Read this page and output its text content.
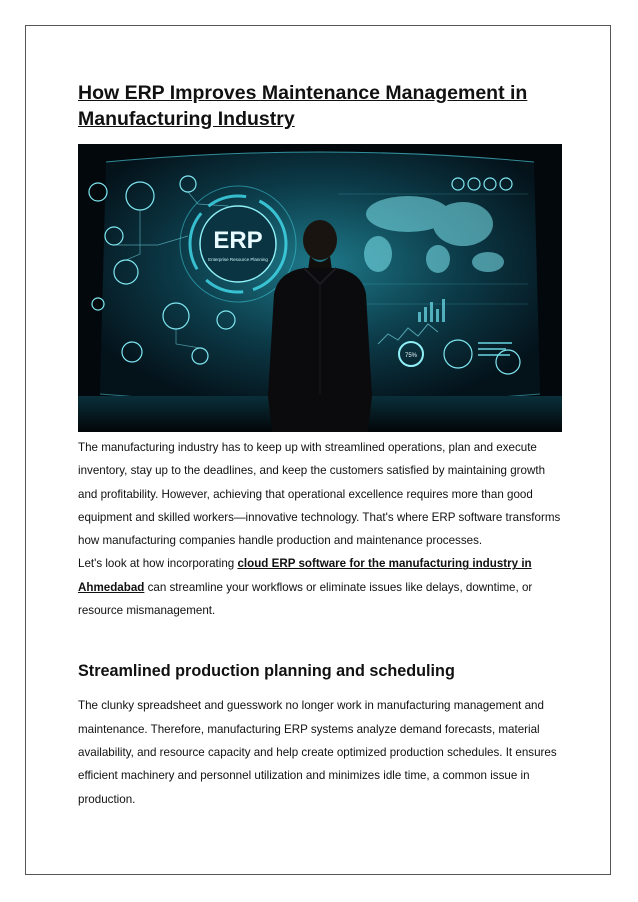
How ERP Improves Maintenance Management in Manufacturing Industry
ERP
Enterprise Resource Planning
75%

The manufacturing industry has to keep up with streamlined operations, plan and execute inventory, stay up to the deadlines, and keep the customers satisfied by maintaining growth and profitability. However, achieving that operational excellence requires more than good equipment and skilled workers—innovative technology. That's where ERP software transforms how manufacturing companies handle production and maintenance processes.

Let's look at how incorporating cloud ERP software for the manufacturing industry in Ahmedabad can streamline your workflows or eliminate issues like delays, downtime, or resource mismanagement.

Streamlined production planning and scheduling

The clunky spreadsheet and guesswork no longer work in manufacturing management and maintenance. Therefore, manufacturing ERP systems analyze demand forecasts, material availability, and resource capacity and help create optimized production schedules. It ensures efficient machinery and personnel utilization and minimizes idle time, a common issue in production.
